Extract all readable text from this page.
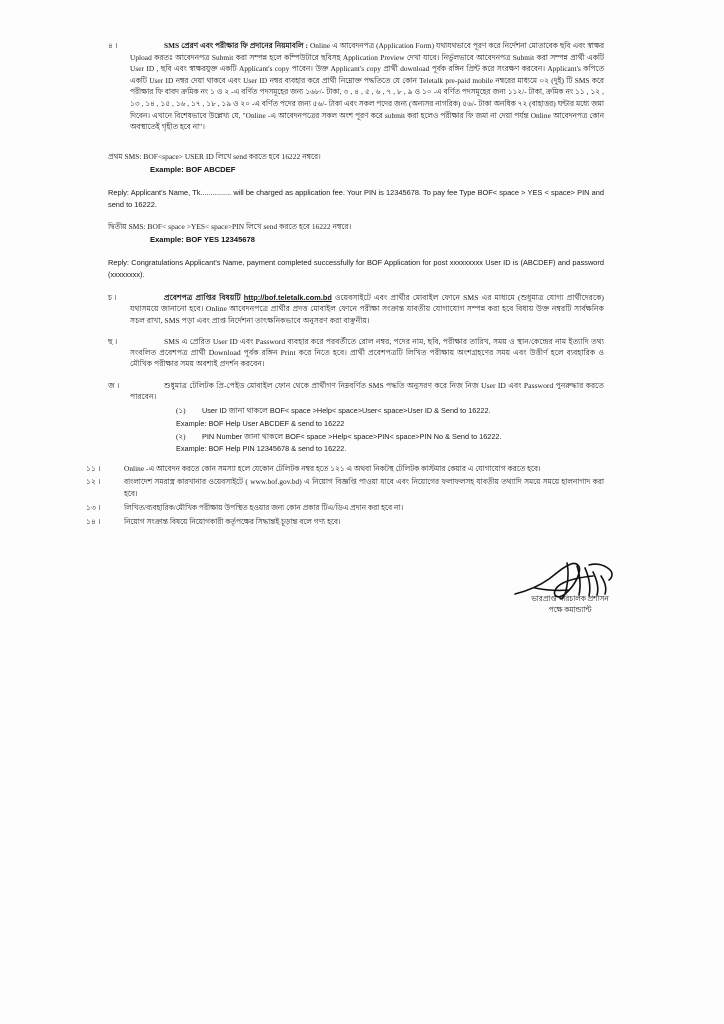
৪ ।	SMS প্রেরণ এবং পরীক্ষার ফি প্রদানের নিয়মাবলি : Online এ আবেদনপত্র (Application Form) যথাযথভাবে পূরণ করে নির্দেশনা মোতাবেক ছবি এবং স্বাক্ষর Upload করতঃ আবেদনপত্র Submit করা সম্পন্ন হলে কম্পিউটারে ছবিসহ Application Preview দেখা যাবে। নির্ভুলভাবে আবেদনপত্র Submit করা সম্পন্ন প্রার্থী একটি User ID , ছবি এবং স্বাক্ষরযুক্ত একটি Applicant's copy পাবেন। উক্ত Applicant's copy প্রার্থী download পূর্বক রঙ্গিন প্রিন্ট করে সংরক্ষণ করবেন। Applicant's কপিতে একটি User ID নম্বর দেয়া থাকবে এবং User ID নম্বর ব্যবহার করে প্রার্থী নিম্নোক্ত পদ্ধতিতে যে কোন Teletalk pre-paid mobile নম্বরের মাধ্যমে ০২ (দুই) টি SMS করে পরীক্ষার ফি বাবদ ক্রমিক নং ১ ও ২ -এ বর্ণিত পদসমূহের জন্য ১৬৮/- টাকা, ৩ , ৪ , ৫ , ৬ , ৭ , ৮ , ৯ ও ১০ -এ বর্ণিত পদসমূহের জন্য ১১২/- টাকা, ক্রমিক নং ১১ , ১২ , ১৩ , ১৪ , ১৫ , ১৬ , ১৭ , ১৮ , ১৯ ও ২০ -এ বর্ণিত পদের জন্য ৫৬/- টাকা এবং সকল পদের জন্য (অন্যসর নাগরিক) ৫৬/- টাকা অনধিক ৭২ (বাহাত্তর) ঘন্টার মধ্যে জমা দিবেন। এখানে বিশেষভাবে উল্লেখ্য যে, "Online -এ আবেদনপত্রের সকল অংশ পূরণ করে submit করা হলেও পরীক্ষার ফি জমা না দেয়া পর্যন্ত Online আবেদনপত্র কোন অবস্থাতেই গৃহীত হবে না"।
প্রথম SMS: BOF<space> USER ID লিখে send করতে হবে 16222 নম্বরে।
Example: BOF ABCDEF
Reply: Applicant's Name, Tk............... will be charged as application fee. Your PIN is 12345678. To pay fee Type BOF< space > YES < space> PIN and send to 16222.
দ্বিতীয় SMS: BOF< space >YES< space>PIN লিখে send করতে হবে 16222 নম্বরে।
Example: BOF YES 12345678
Reply: Congratulations Applicant's Name, payment completed successfully for BOF Application for post xxxxxxxxx User ID is (ABCDEF) and password (xxxxxxxx).
চ ।	প্রবেশপত্র প্রাপ্তির বিষয়টি http://bof.teletalk.com.bd ওয়েবসাইটে এবং প্রার্থীর মোবাইল ফোনে SMS এর মাধ্যমে (শুধুমাত্র যোগ্য প্রার্থীদেরকে) যথাসময়ে জানানো হবে। Online আবেদনপত্রে প্রার্থীর প্রদত্ত মোবাইল ফোনে পরীক্ষা সংক্রান্ত যাবতীয় যোগাযোগ সম্পন্ন করা হবে বিধায় উক্ত নম্বরটি সার্বক্ষনিক সচল রাখা, SMS পড়া এবং প্রাপ্ত নির্দেশনা তাৎক্ষনিকভাবে অনুসরণ করা বাঞ্ছনীয়।
ছ ।	SMS এ প্রেরিত User ID এবং Password ব্যবহার করে পরবর্তীতে রোল নম্বর, পদের নাম, ছবি, পরীক্ষার তারিখ, সময় ও স্থান/কেন্দ্রের নাম ইত্যাদি তথ্য সংবলিত প্রবেশপত্র প্রার্থী Download পূর্বক রঙ্গিন Print করে নিতে হবে। প্রার্থী প্রবেশপত্রটি লিখিত পরীক্ষায় অংশগ্রহণের সময় এবং উত্তীর্ণ হলে ব্যবহারিক ও মৌখিক পরীক্ষার সময় অবশ্যই প্রদর্শন করবেন।
জ ।	শুধুমাত্র টেলিটক প্রি-পেইড মোবাইল ফোন থেকে প্রার্থীগণ নিম্নবর্ণিত SMS পদ্ধতি অনুসরণ করে নিজ নিজ User ID এবং Password পুনরুদ্ধার করতে পারবেন।
(১) User ID জানা থাকলে BOF< space >Help< space>User< space>User ID & Send to 16222.
Example: BOF Help User ABCDEF & send to 16222
(২) PIN Number জানা থাকলে BOF< space >Help< space>PIN< space>PIN No & Send to 16222.
Example: BOF Help PIN 12345678 & send to 16222.
১১ ।	Online -এ আবেদন করতে কোন সমস্যা হলে যেকোন টেলিটক নম্বর হতে ১২১ এ অথবা নিকটস্থ টেলিটক কাস্টমার কেয়ার এ যোগাযোগ করতে হবে।
১২ ।	বাংলাদেশ সমরাস্ত্র কারখানার ওয়েবসাইটে ( www.bof.gov.bd) এ নিয়োগ বিজ্ঞপ্তি পাওয়া যাবে এবং নিয়োগের ফলাফলসহ যাবতীয় তথ্যাদি সময়ে সময়ে হালনাগাদ করা হবে।
১৩ ।	লিখিত/ব্যবহারিক/মৌখিক পরীক্ষায় উপস্থিত হওয়ার জন্য কোন প্রকার টিএ/ডিএ প্রদান করা হবে না।
১৪ ।	নিয়োগ সংক্রান্ত বিষয়ে নিয়োগকারী কর্তৃপক্ষের সিদ্ধান্তই চূড়ান্ত বলে গণ্য হবে।
ভারপ্রাপ্ত পরিচালক প্রশাসন
পক্ষে কমান্ড্যান্ট
